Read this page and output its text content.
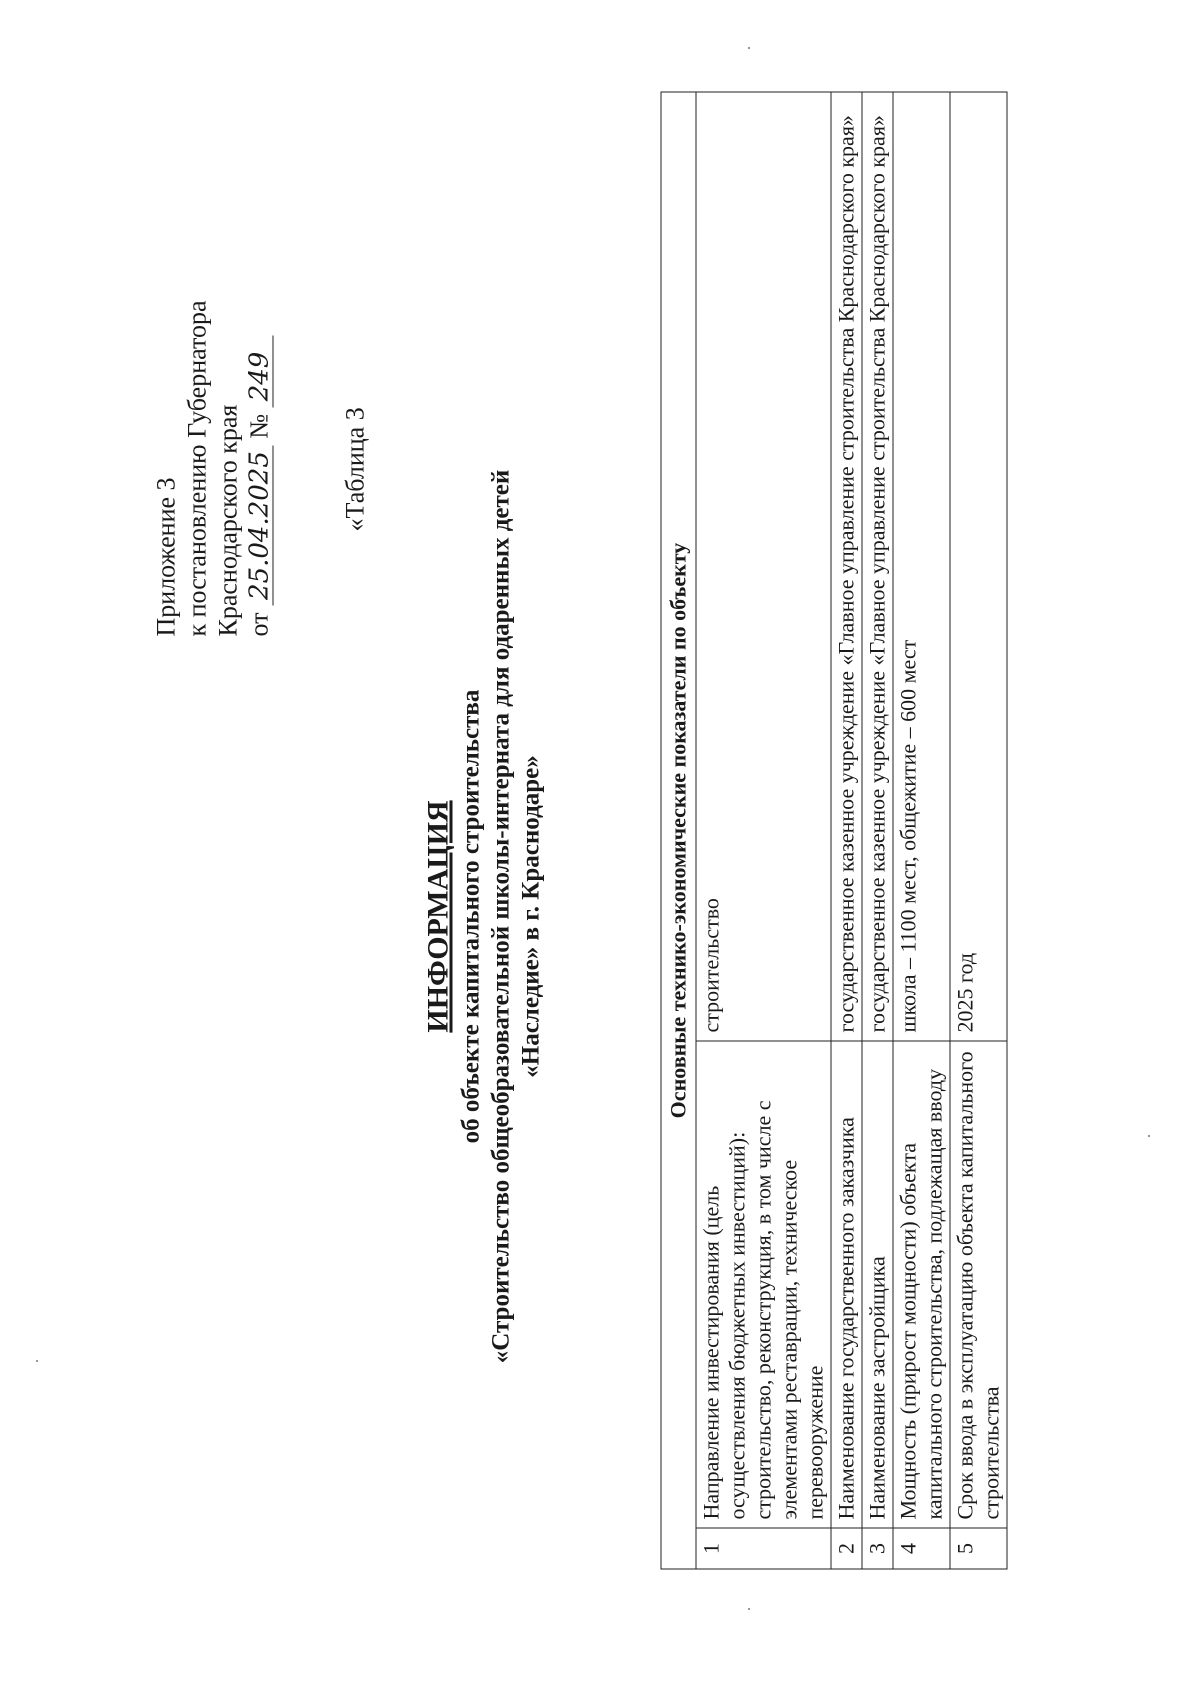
Приложение 3 к постановлению Губернатора Краснодарского края от 25.04.2025 № 249
«Таблица 3
ИНФОРМАЦИЯ об объекте капитального строительства «Строительство общеобразовательной школы-интерната для одаренных детей «Наследие» в г. Краснодаре»	Основные технико-экономические показатели по объекту		
1	Направление инвестирования (цель осуществления бюджетных инвестиций): строительство, реконструкция, в том числе с элементами реставрации, техническое перевооружение	строительство
2	Наименование государственного заказчика	государственное казенное учреждение «Главное управление строительства Краснодарского края»
3	Наименование застройщика	государственное казенное учреждение «Главное управление строительства Краснодарского края»
4	Мощность (прирост мощности) объекта капитального строительства, подлежащая вводу	школа – 1100 мест, общежитие – 600 мест
5	Срок ввода в эксплуатацию объекта капитального строительства	2025 год
